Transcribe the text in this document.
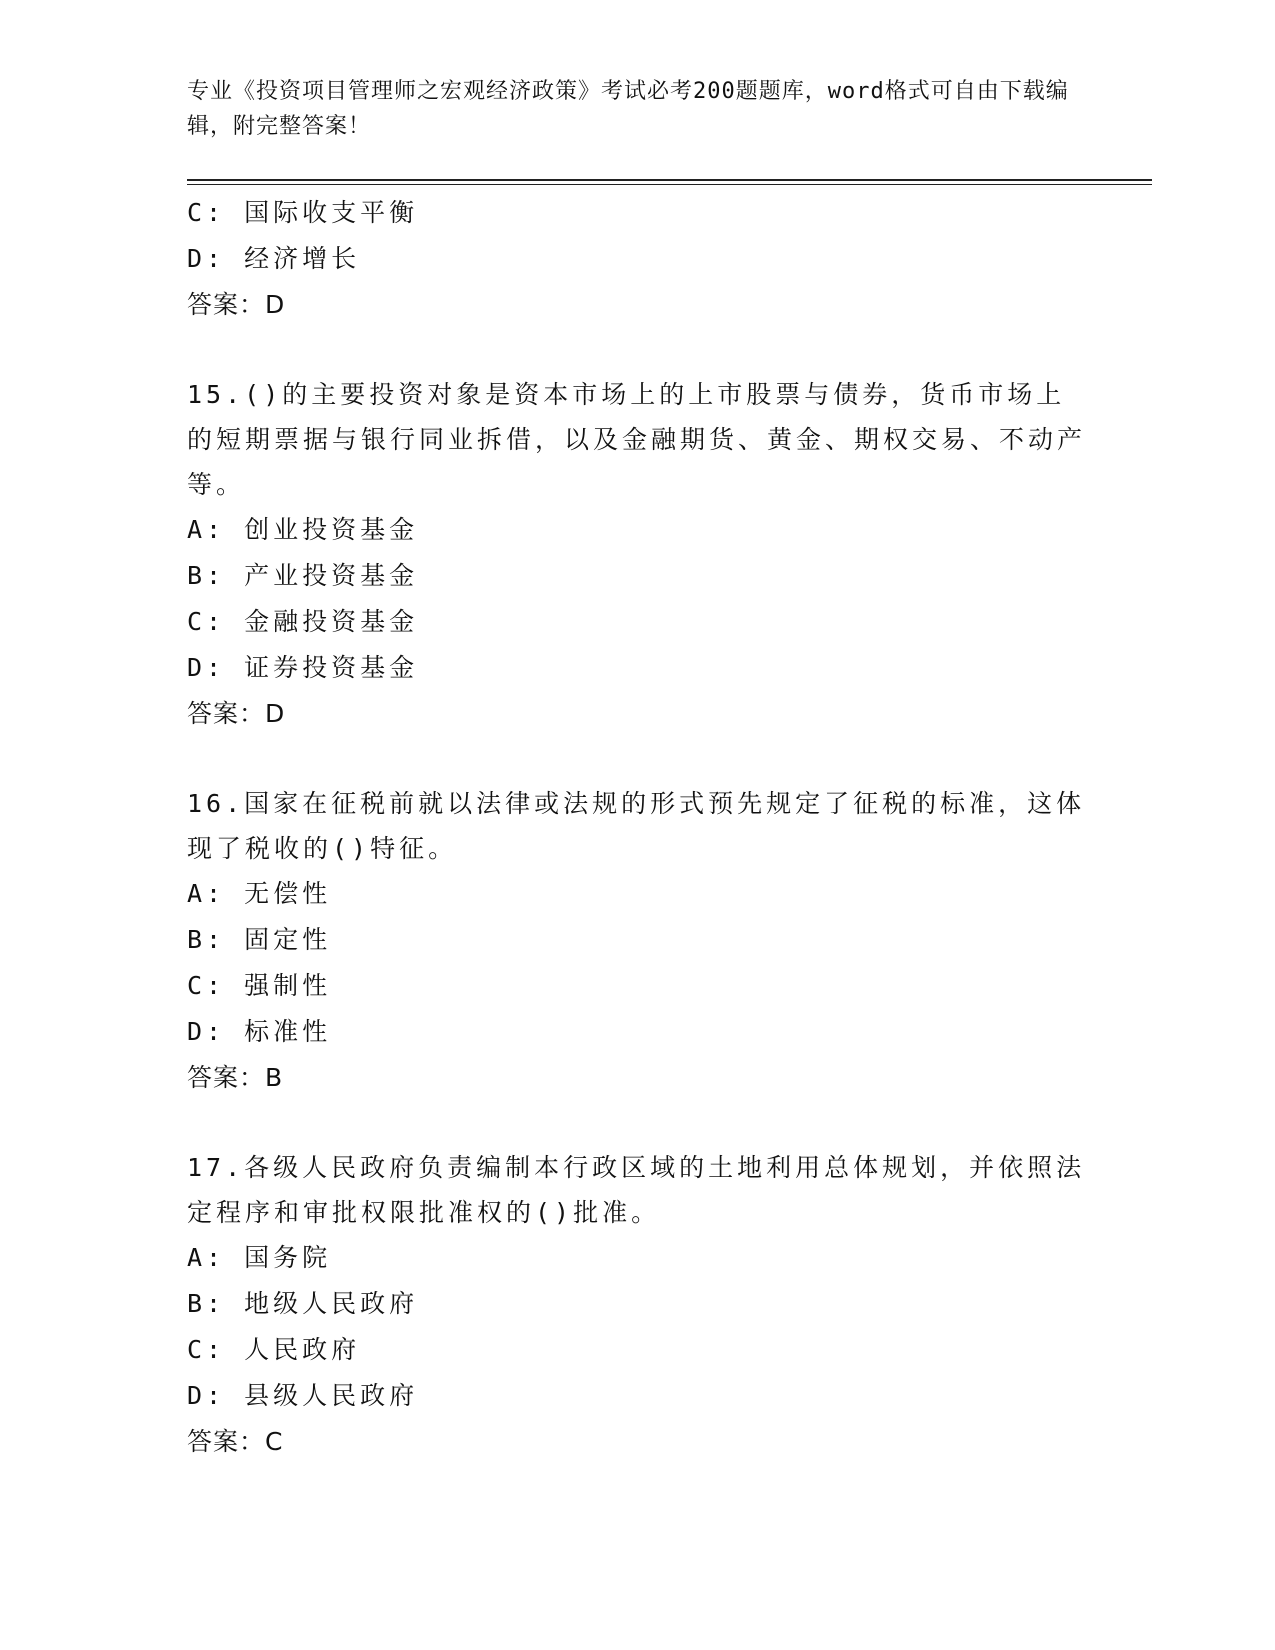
专业《投资项目管理师之宏观经济政策》考试必考200题题库，word格式可自由下载编辑，附完整答案！
C: 国际收支平衡
D: 经济增长
答案：D
15.()的主要投资对象是资本市场上的上市股票与债券，货币市场上的短期票据与银行同业拆借，以及金融期货、黄金、期权交易、不动产等。
A: 创业投资基金
B: 产业投资基金
C: 金融投资基金
D: 证券投资基金
答案：D
16.国家在征税前就以法律或法规的形式预先规定了征税的标准，这体现了税收的()特征。
A: 无偿性
B: 固定性
C: 强制性
D: 标准性
答案：B
17.各级人民政府负责编制本行政区域的土地利用总体规划，并依照法定程序和审批权限批准权的()批准。
A: 国务院
B: 地级人民政府
C: 人民政府
D: 县级人民政府
答案：C
